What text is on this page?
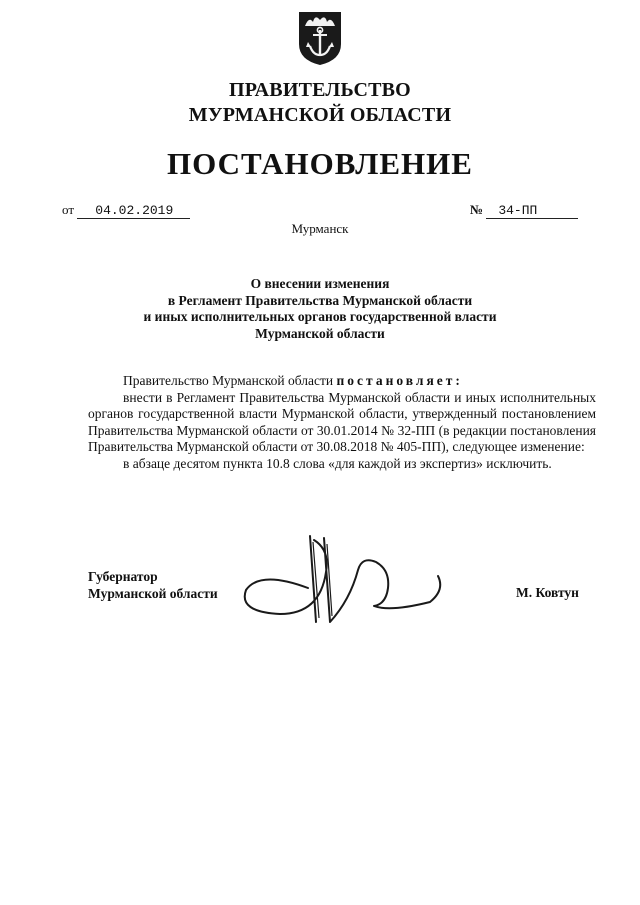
ПРАВИТЕЛЬСТВО
МУРМАНСКОЙ ОБЛАСТИ
ПОСТАНОВЛЕНИЕ
от 04.02.2019	№ 34-ПП
Мурманск
О внесении изменения
в Регламент Правительства Мурманской области
и иных исполнительных органов государственной власти
Мурманской области

Правительство Мурманской области постановляет:

внести в Регламент Правительства Мурманской области и иных исполнительных органов государственной власти Мурманской области, утвержденный постановлением Правительства Мурманской области от 30.01.2014 № 32-ПП (в редакции постановления Правительства Мурманской области от 30.08.2018 № 405-ПП), следующее изменение:

в абзаце десятом пункта 10.8 слова «для каждой из экспертиз» исключить.

Губернатор
Мурманской области	М. Ковтун
